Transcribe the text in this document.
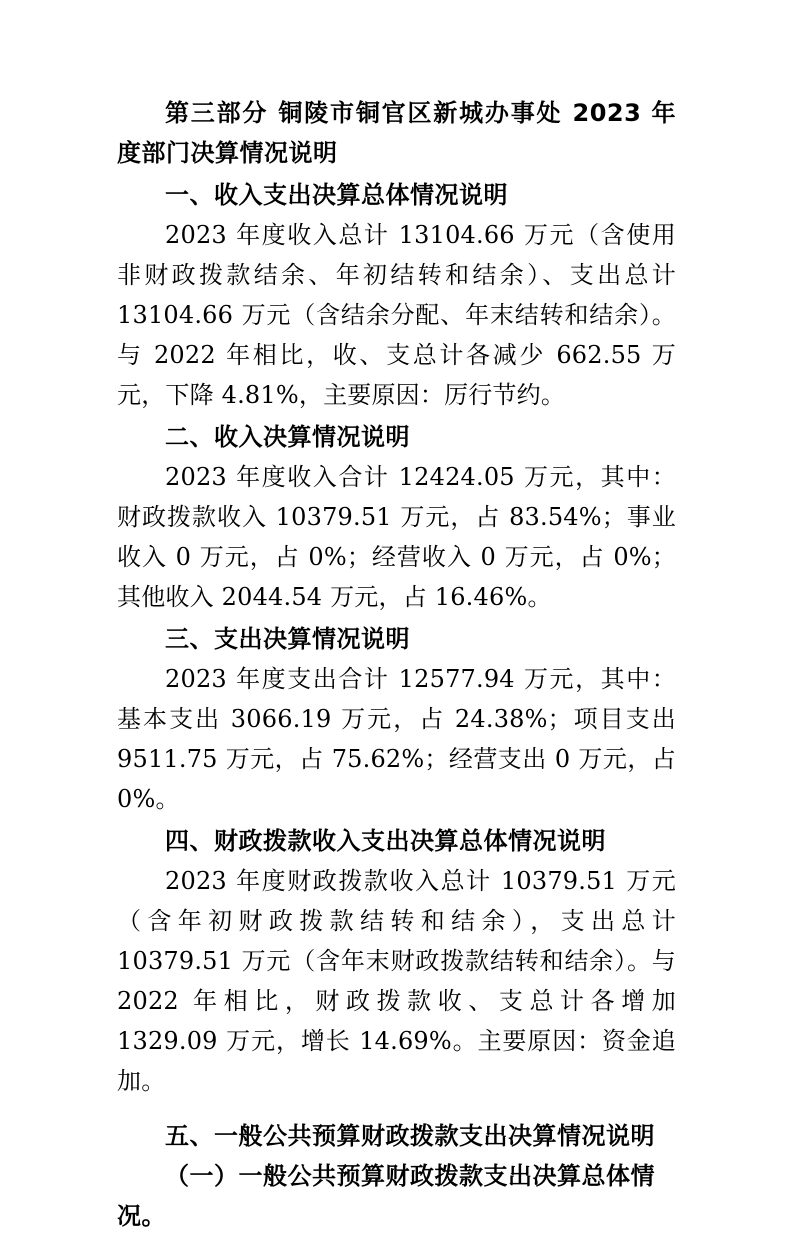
第三部分 铜陵市铜官区新城办事处 2023 年度部门决算情况说明
一、收入支出决算总体情况说明

2023 年度收入总计 13104.66 万元（含使用非财政拨款结余、年初结转和结余）、支出总计 13104.66 万元（含结余分配、年末结转和结余）。与 2022 年相比，收、支总计各减少 662.55 万元，下降 4.81%，主要原因：厉行节约。

二、收入决算情况说明

2023 年度收入合计 12424.05 万元，其中：财政拨款收入 10379.51 万元，占 83.54%；事业收入 0 万元，占 0%；经营收入 0 万元，占 0%；其他收入 2044.54 万元，占 16.46%。

三、支出决算情况说明

2023 年度支出合计 12577.94 万元，其中：基本支出 3066.19 万元，占 24.38%；项目支出 9511.75 万元，占 75.62%；经营支出 0 万元，占 0%。

四、财政拨款收入支出决算总体情况说明

2023 年度财政拨款收入总计 10379.51 万元（含年初财政拨款结转和结余），支出总计 10379.51 万元（含年末财政拨款结转和结余）。与 2022 年相比，财政拨款收、支总计各增加 1329.09 万元，增长 14.69%。主要原因：资金追加。

五、一般公共预算财政拨款支出决算情况说明

（一）一般公共预算财政拨款支出决算总体情况。
